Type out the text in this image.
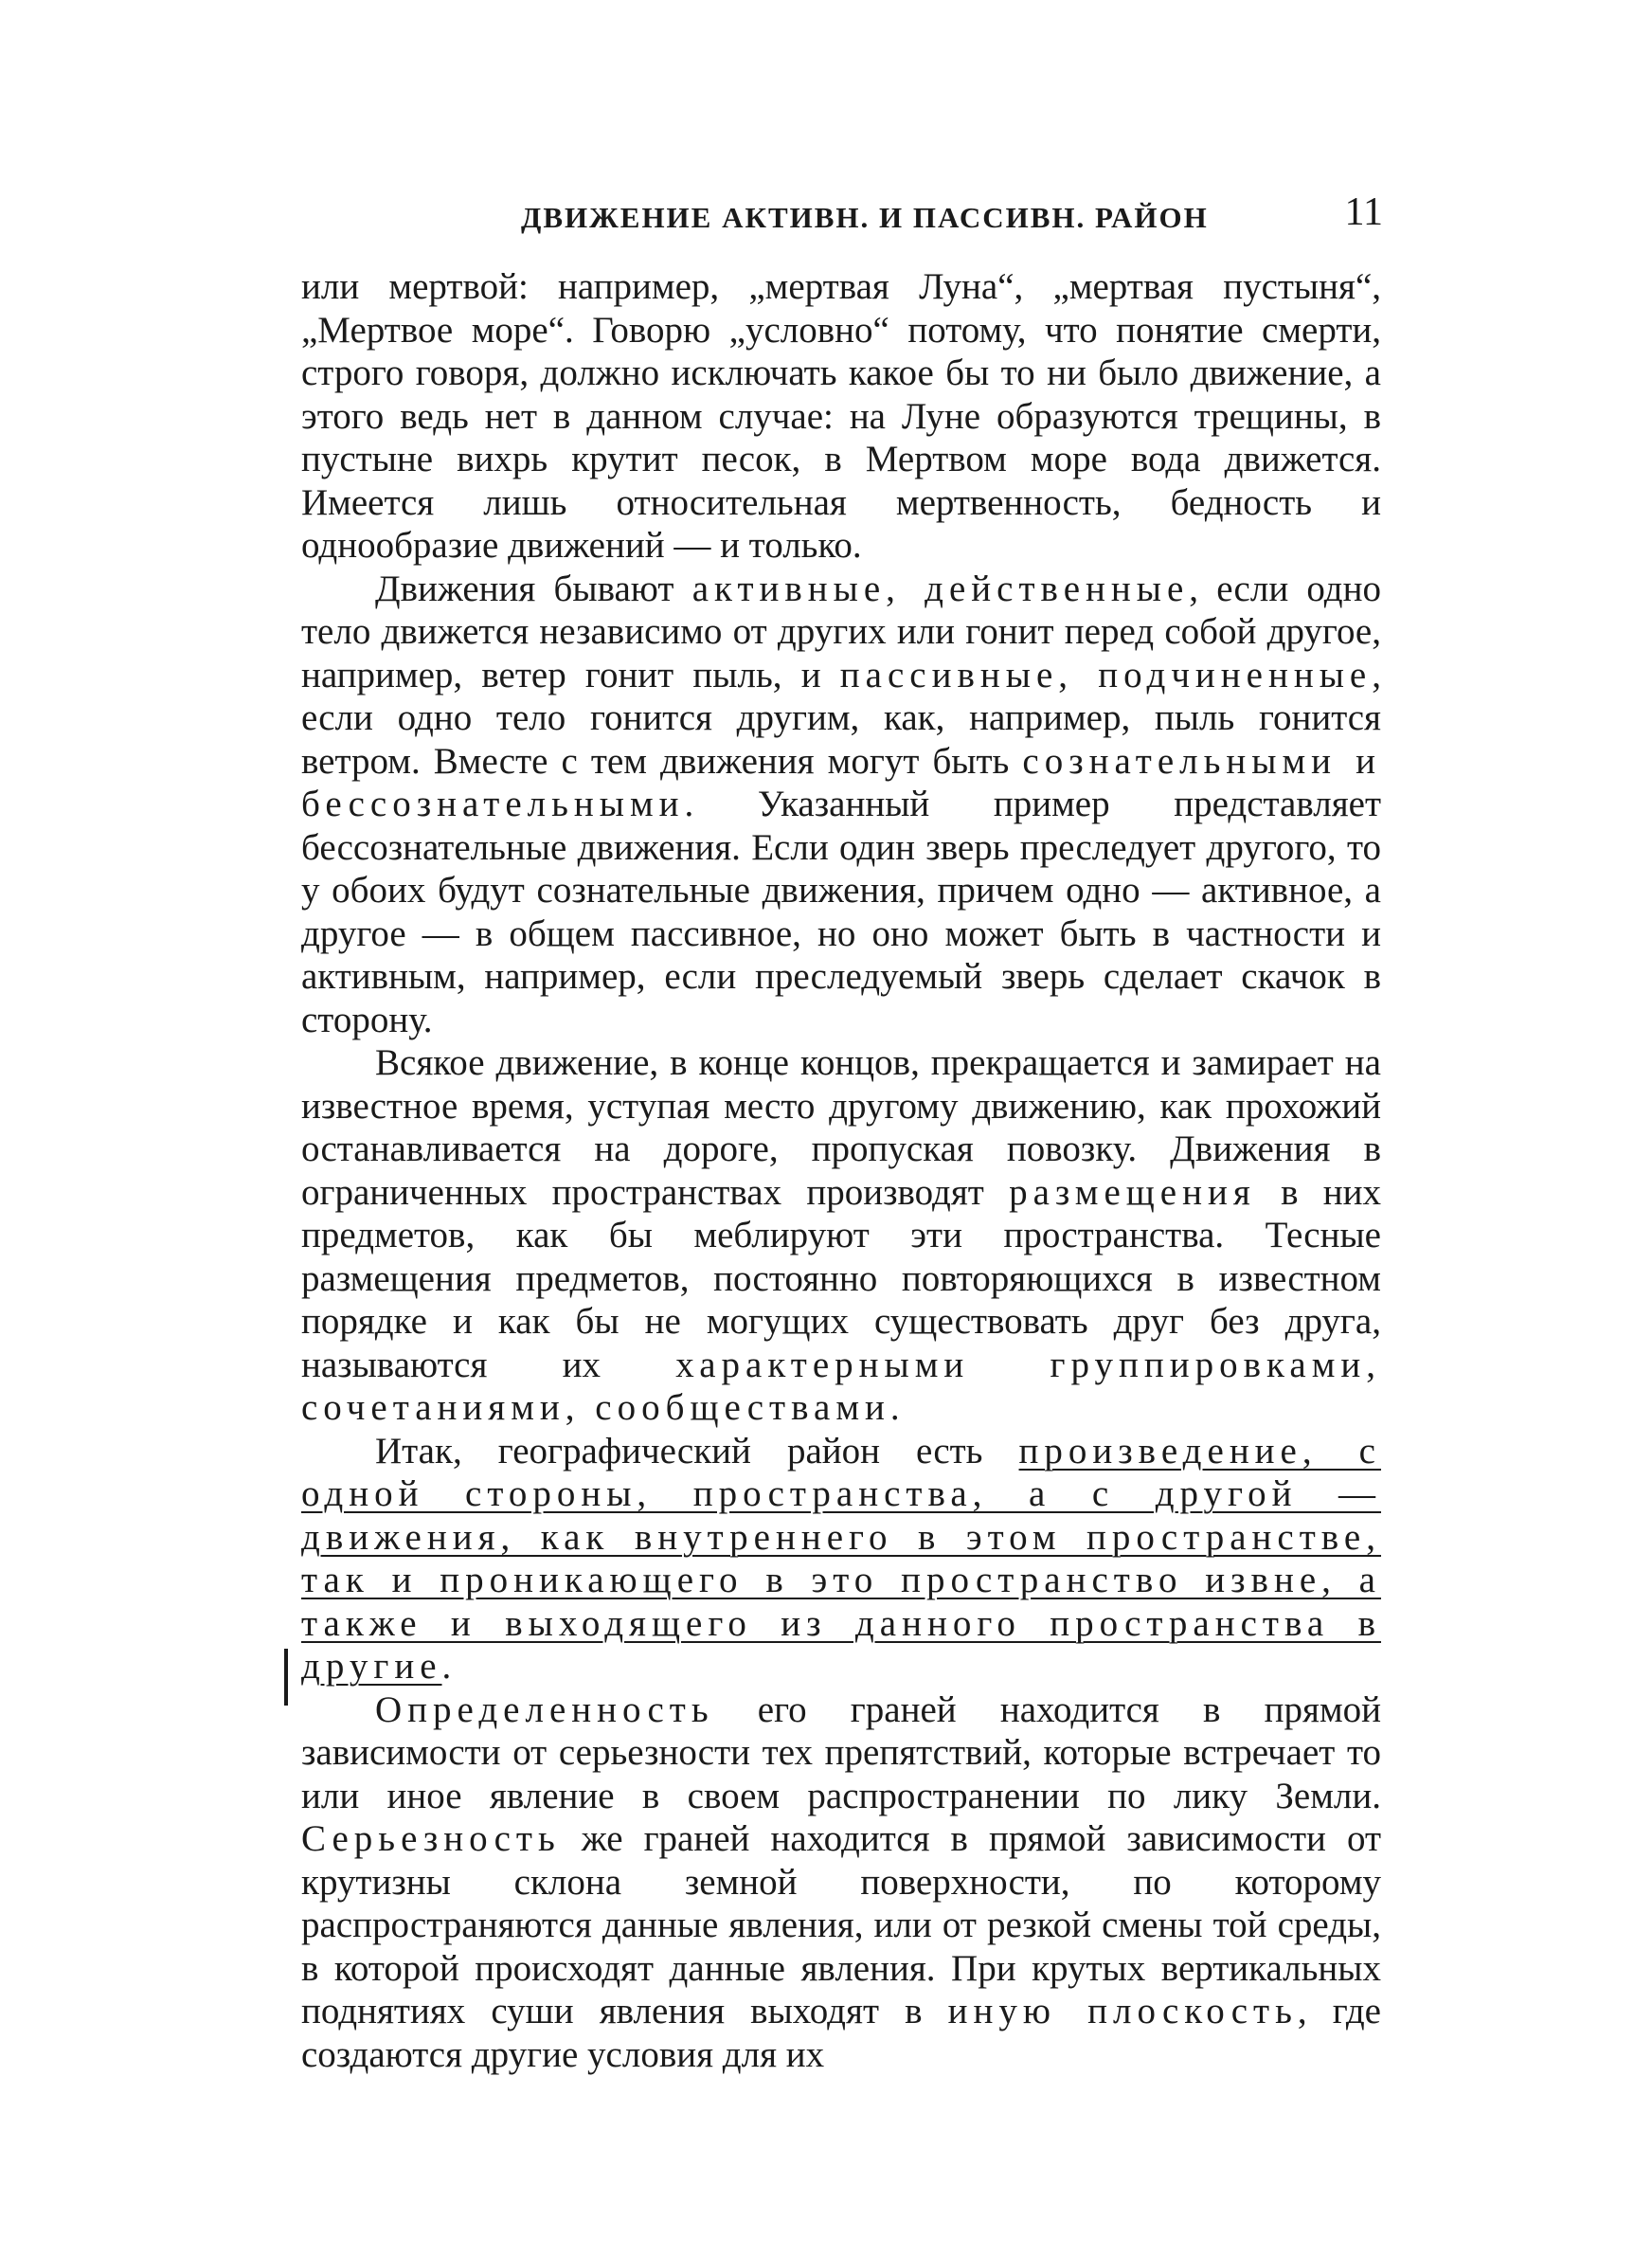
ДВИЖЕНИЕ АКТИВН. И ПАССИВН. РАЙОН	11

или мертвой: например, „мертвая Луна“, „мертвая пустыня“, „Мертвое море“. Говорю „условно“ потому, что понятие смерти, строго говоря, должно исключать какое бы то ни было движение, а этого ведь нет в данном случае: на Луне образуются трещины, в пустыне вихрь крутит песок, в Мертвом море вода движется. Имеется лишь относительная мертвенность, бедность и однообразие движений — и только.

Движения бывают активные, действенные, если одно тело движется независимо от других или гонит перед собой другое, например, ветер гонит пыль, и пассивные, подчиненные, если одно тело гонится другим, как, например, пыль гонится ветром. Вместе с тем движения могут быть сознательными и бессознательными. Указанный пример представляет бессознательные движения. Если один зверь преследует другого, то у обоих будут сознательные движения, причем одно — активное, а другое — в общем пассивное, но оно может быть в частности и активным, например, если преследуемый зверь сделает скачок в сторону.

Всякое движение, в конце концов, прекращается и замирает на известное время, уступая место другому движению, как прохожий останавливается на дороге, пропуская повозку. Движения в ограниченных пространствах производят размещения в них предметов, как бы меблируют эти пространства. Тесные размещения предметов, постоянно повторяющихся в известном порядке и как бы не могущих существовать друг без друга, называются их характерными группировками, сочетаниями, сообществами.

Итак, географический район есть произведение, с одной стороны, пространства, а с другой — движения, как внутреннего в этом пространстве, так и проникающего в это пространство извне, а также и выходящего из данного пространства в другие.

Определенность его граней находится в прямой зависимости от серьезности тех препятствий, которые встречает то или иное явление в своем распространении по лику Земли. Серьезность же граней находится в прямой зависимости от крутизны склона земной поверхности, по которому распространяются данные явления, или от резкой смены той среды, в которой происходят данные явления. При крутых вертикальных поднятиях суши явления выходят в иную плоскость, где создаются другие условия для их
